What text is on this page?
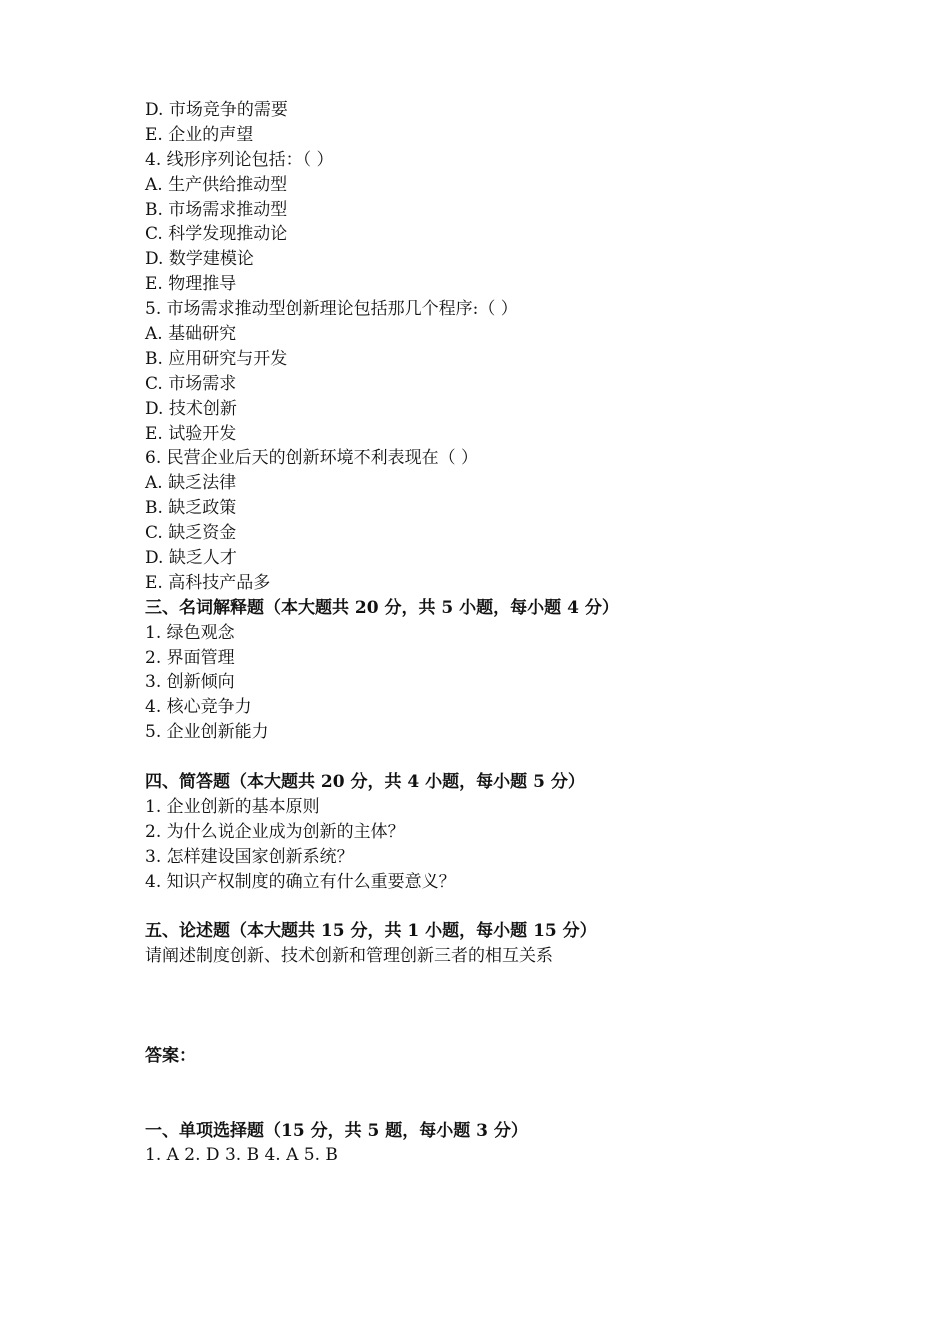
D. 市场竞争的需要
E. 企业的声望
4. 线形序列论包括：（ ）
A. 生产供给推动型
B. 市场需求推动型
C. 科学发现推动论
D. 数学建模论
E. 物理推导
5. 市场需求推动型创新理论包括那几个程序:（ ）
A. 基础研究
B. 应用研究与开发
C. 市场需求
D. 技术创新
E. 试验开发
6. 民营企业后天的创新环境不利表现在（ ）
A. 缺乏法律
B. 缺乏政策
C. 缺乏资金
D. 缺乏人才
E. 高科技产品多
三、名词解释题（本大题共 20 分，共 5 小题，每小题 4 分）
1. 绿色观念
2. 界面管理
3. 创新倾向
4. 核心竞争力
5. 企业创新能力
四、简答题（本大题共 20 分，共 4 小题，每小题 5 分）
1. 企业创新的基本原则
2. 为什么说企业成为创新的主体？
3. 怎样建设国家创新系统？
4. 知识产权制度的确立有什么重要意义？
五、论述题（本大题共 15 分，共 1 小题，每小题 15 分）
请阐述制度创新、技术创新和管理创新三者的相互关系
答案：
一、单项选择题（15 分，共 5 题，每小题 3 分）
1. A 2. D 3. B 4. A 5. B
